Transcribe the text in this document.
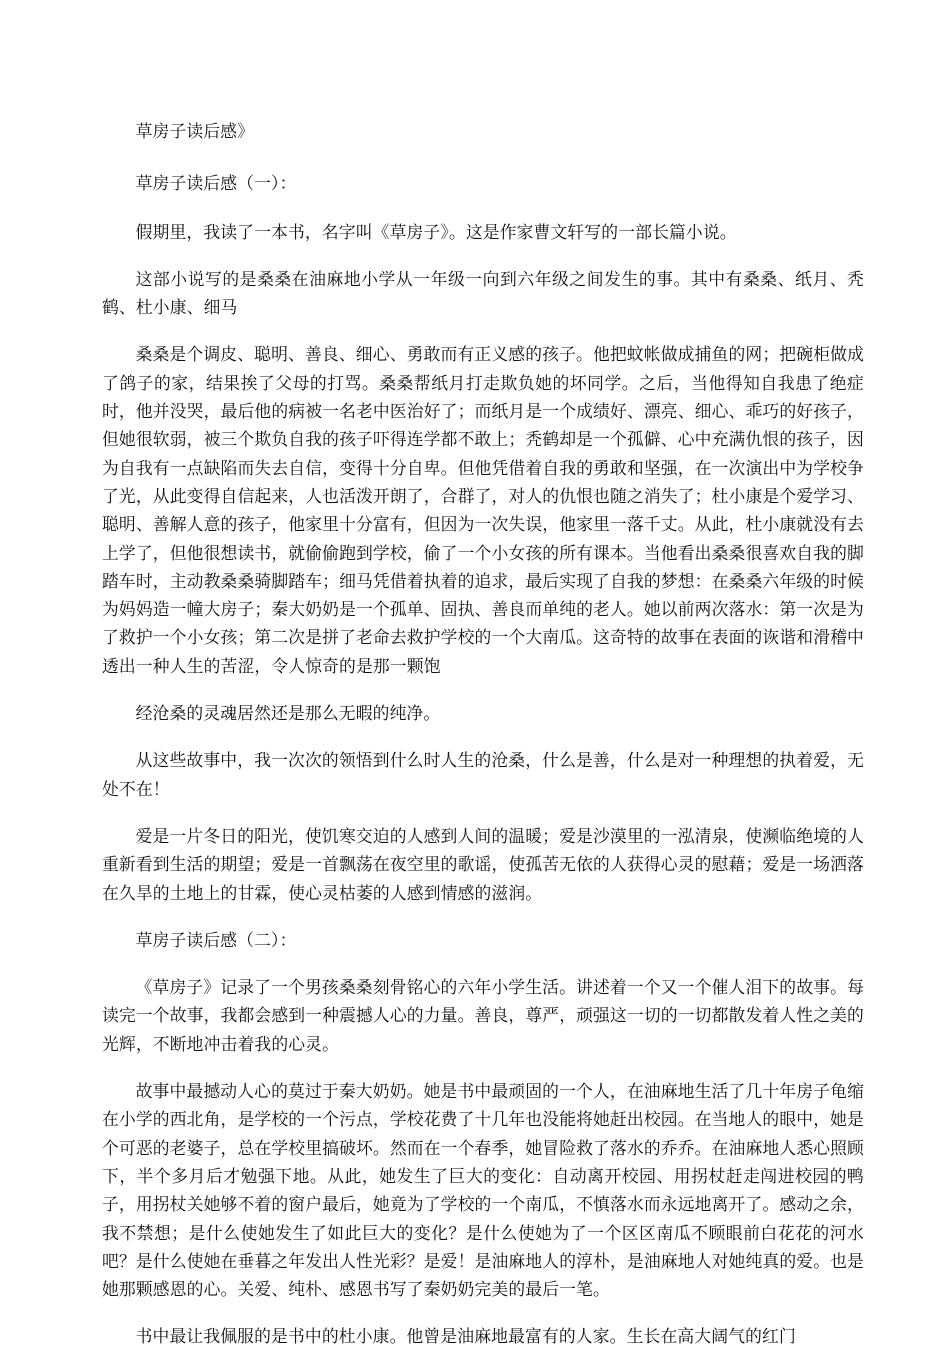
草房子读后感》

草房子读后感（一）：

假期里，我读了一本书，名字叫《草房子》。这是作家曹文轩写的一部长篇小说。

这部小说写的是桑桑在油麻地小学从一年级一向到六年级之间发生的事。其中有桑桑、纸月、秃鹤、杜小康、细马

桑桑是个调皮、聪明、善良、细心、勇敢而有正义感的孩子。他把蚊帐做成捕鱼的网；把碗柜做成了鸽子的家，结果挨了父母的打骂。桑桑帮纸月打走欺负她的坏同学。之后，当他得知自我患了绝症时，他并没哭，最后他的病被一名老中医治好了；而纸月是一个成绩好、漂亮、细心、乖巧的好孩子，但她很软弱，被三个欺负自我的孩子吓得连学都不敢上；秃鹤却是一个孤僻、心中充满仇恨的孩子，因为自我有一点缺陷而失去自信，变得十分自卑。但他凭借着自我的勇敢和坚强，在一次演出中为学校争了光，从此变得自信起来，人也活泼开朗了，合群了，对人的仇恨也随之消失了；杜小康是个爱学习、聪明、善解人意的孩子，他家里十分富有，但因为一次失误，他家里一落千丈。从此，杜小康就没有去上学了，但他很想读书，就偷偷跑到学校，偷了一个小女孩的所有课本。当他看出桑桑很喜欢自我的脚踏车时，主动教桑桑骑脚踏车；细马凭借着执着的追求，最后实现了自我的梦想：在桑桑六年级的时候为妈妈造一幢大房子；秦大奶奶是一个孤单、固执、善良而单纯的老人。她以前两次落水：第一次是为了救护一个小女孩；第二次是拼了老命去救护学校的一个大南瓜。这奇特的故事在表面的诙谐和滑稽中透出一种人生的苦涩，令人惊奇的是那一颗饱

经沧桑的灵魂居然还是那么无暇的纯净。

从这些故事中，我一次次的领悟到什么时人生的沧桑，什么是善，什么是对一种理想的执着爱，无处不在！

爱是一片冬日的阳光，使饥寒交迫的人感到人间的温暖；爱是沙漠里的一泓清泉，使濒临绝境的人重新看到生活的期望；爱是一首飘荡在夜空里的歌谣，使孤苦无依的人获得心灵的慰藉；爱是一场洒落在久旱的土地上的甘霖，使心灵枯萎的人感到情感的滋润。

草房子读后感（二）：

《草房子》记录了一个男孩桑桑刻骨铭心的六年小学生活。讲述着一个又一个催人泪下的故事。每读完一个故事，我都会感到一种震撼人心的力量。善良，尊严，顽强这一切的一切都散发着人性之美的光辉，不断地冲击着我的心灵。

故事中最撼动人心的莫过于秦大奶奶。她是书中最顽固的一个人，在油麻地生活了几十年房子龟缩在小学的西北角，是学校的一个污点，学校花费了十几年也没能将她赶出校园。在当地人的眼中，她是个可恶的老婆子，总在学校里搞破坏。然而在一个春季，她冒险救了落水的乔乔。在油麻地人悉心照顾下，半个多月后才勉强下地。从此，她发生了巨大的变化：自动离开校园、用拐杖赶走闯进校园的鸭子，用拐杖关她够不着的窗户最后，她竟为了学校的一个南瓜，不慎落水而永远地离开了。感动之余，我不禁想；是什么使她发生了如此巨大的变化？是什么使她为了一个区区南瓜不顾眼前白花花的河水吧？是什么使她在垂暮之年发出人性光彩？是爱！是油麻地人的淳朴，是油麻地人对她纯真的爱。也是她那颗感恩的心。关爱、纯朴、感恩书写了秦奶奶完美的最后一笔。

书中最让我佩服的是书中的杜小康。他曾是油麻地最富有的人家。生长在高大阔气的红门
